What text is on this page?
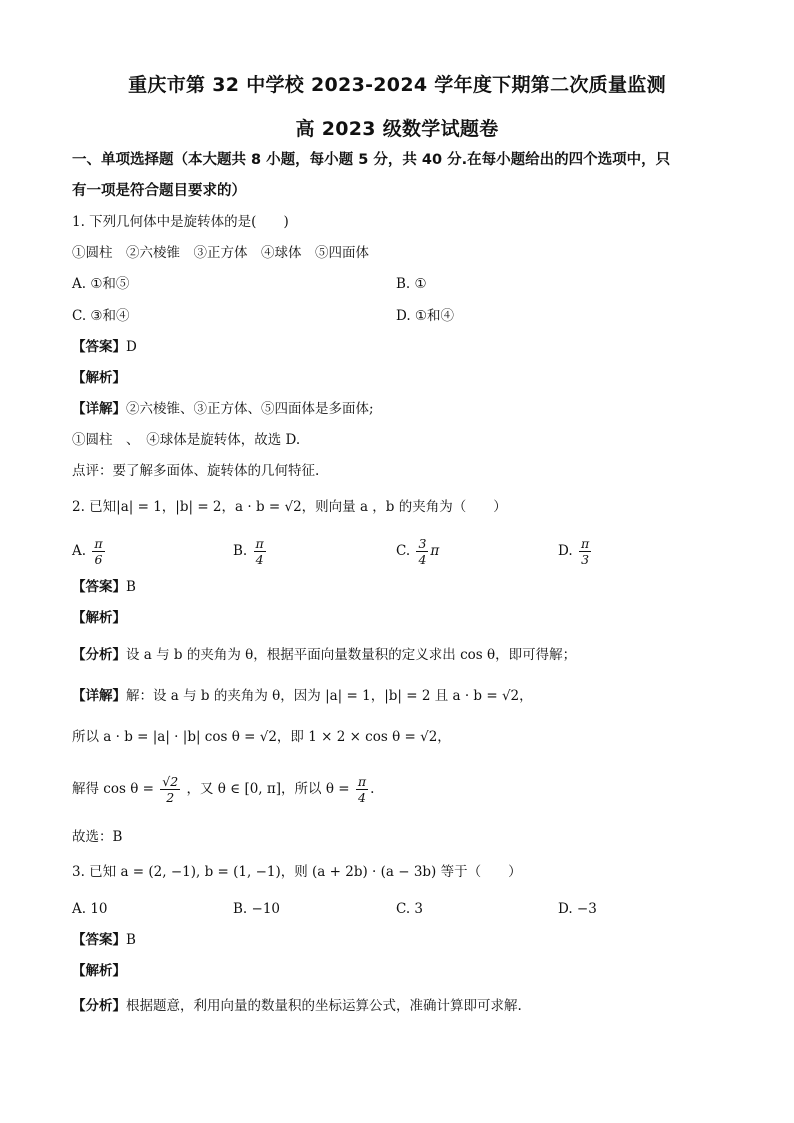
重庆市第 32 中学校 2023-2024 学年度下期第二次质量监测
高 2023 级数学试题卷
一、单项选择题（本大题共 8 小题，每小题 5 分，共 40 分.在每小题给出的四个选项中，只
有一项是符合题目要求的）
1. 下列几何体中是旋转体的是(　　)
①圆柱　②六棱锥　③正方体　④球体　⑤四面体
A. ①和⑤	B. ①
C. ③和④	D. ①和④
【答案】D
【解析】
【详解】②六棱锥、③正方体、⑤四面体是多面体;
①圆柱　、　④球体是旋转体，故选 D.
点评：要了解多面体、旋转体的几何特征.
2. 已知|a| = 1，|b| = 2，a · b = √2，则向量 a ，b 的夹角为（　　）
A. $\frac{\pi}{6}$	B. $\frac{\pi}{4}$	C. $\frac{3}{4}$ π	D. $\frac{\pi}{3}$
【答案】B
【解析】
【分析】设 a 与 b 的夹角为 θ，根据平面向量数量积的定义求出 cos θ，即可得解；
【详解】解：设 a 与 b 的夹角为 θ，因为 |a| = 1，|b| = 2 且 a · b = √2，
所以 a · b = |a| · |b| cos θ = √2，即 1 × 2 × cos θ = √2，
解得 $\cos \theta = \frac{√2}{2}$ ，又 θ ∈ [0, π]，所以 $\theta = \frac{\pi}{4}$ .
故选：B
3. 已知 a = (2, −1), b = (1, −1)，则 (a + 2b) · (a − 3b) 等于（　　）
A. 10	B. −10	C. 3	D. −3
【答案】B
【解析】
【分析】根据题意，利用向量的数量积的坐标运算公式，准确计算即可求解.
